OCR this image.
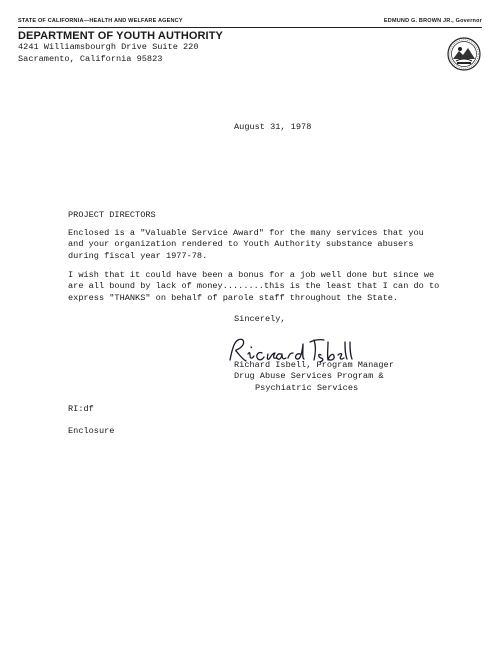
STATE OF CALIFORNIA—HEALTH AND WELFARE AGENCY	EDMUND G. BROWN JR., Governor
DEPARTMENT OF YOUTH AUTHORITY
4241 Williamsbourgh Drive Suite 220
Sacramento, California 95823
August 31, 1978
PROJECT DIRECTORS
Enclosed is a "Valuable Service Award" for the many services that you
and your organization rendered to Youth Authority substance abusers
during fiscal year 1977-78.
I wish that it could have been a bonus for a job well done but since we
are all bound by lack of money........this is the least that I can do to
express "THANKS" on behalf of parole staff throughout the State.
Sincerely,
Richard Isbell, Program Manager
Drug Abuse Services Program &
Psychiatric Services
RI:df
Enclosure
